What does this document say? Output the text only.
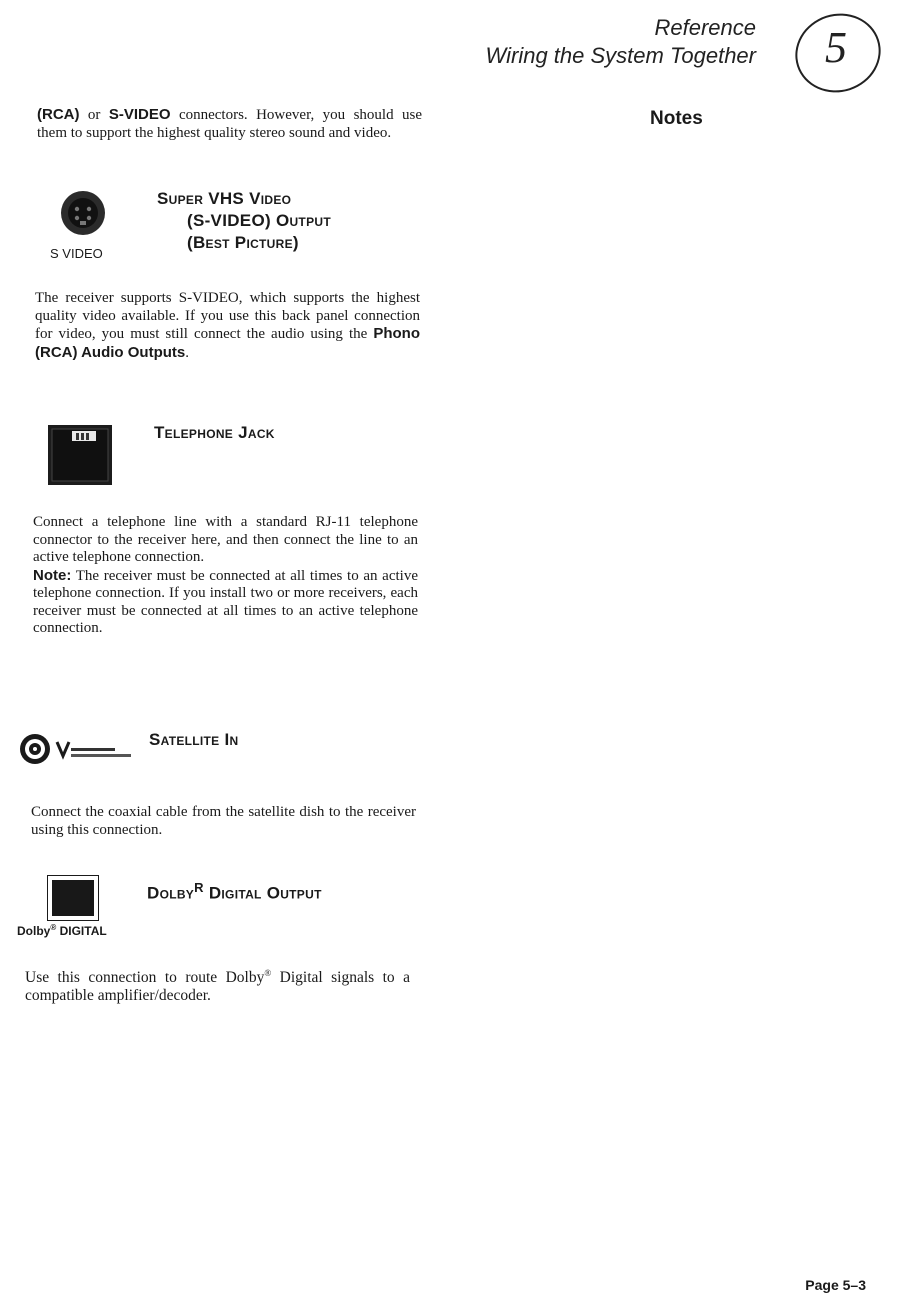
Reference
Wiring the System Together	5
Notes
(RCA) or S-VIDEO connectors. However, you should use them to support the highest quality stereo sound and video.
S VIDEO
Super VHS Video
(S-VIDEO) Output
(Best Picture)
The receiver supports S-VIDEO, which supports the highest quality video available. If you use this back panel connection for video, you must still connect the audio using the Phono (RCA) Audio Outputs.
Telephone Jack
Connect a telephone line with a standard RJ-11 telephone connector to the receiver here, and then connect the line to an active telephone connection.
Note: The receiver must be connected at all times to an active telephone connection. If you install two or more receivers, each receiver must be connected at all times to an active telephone connection.
Satellite In
Connect the coaxial cable from the satellite dish to the receiver using this connection.
Dolby® DIGITAL
Dolby$^R$ Digital Output
Use this connection to route Dolby® Digital signals to a compatible amplifier/decoder.
Page 5–3
